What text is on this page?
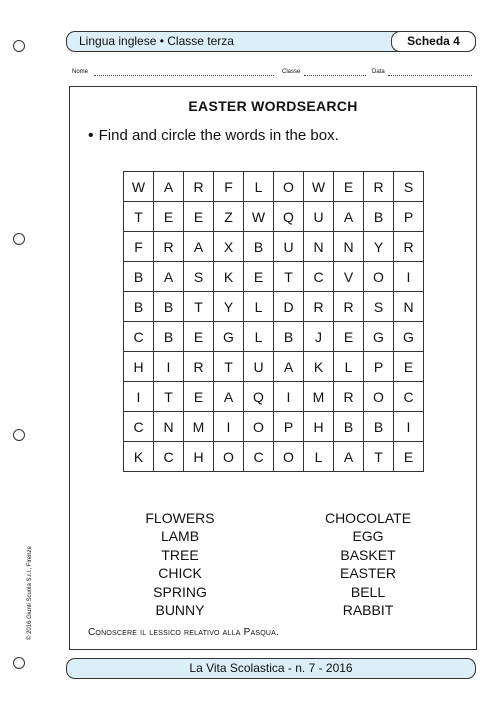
Lingua inglese • Classe terza	Scheda 4
Nome	Classe	Data
EASTER WORDSEARCH
• Find and circle the words in the box.
W	A	R	F	L	O	W	E	R	S
T	E	E	Z	W	Q	U	A	B	P
F	R	A	X	B	U	N	N	Y	R
B	A	S	K	E	T	C	V	O	I
B	B	T	Y	L	D	R	R	S	N
C	B	E	G	L	B	J	E	G	G
H	I	R	T	U	A	K	L	P	E
I	T	E	A	Q	I	M	R	O	C
C	N	M	I	O	P	H	B	B	I
K	C	H	O	C	O	L	A	T	E
FLOWERS
LAMB
TREE
CHICK
SPRING
BUNNY
CHOCOLATE
EGG
BASKET
EASTER
BELL
RABBIT
Conoscere il lessico relativo alla Pasqua.
© 2016 Giunti Scuola S.r.l., Firenze
La Vita Scolastica - n. 7 - 2016
